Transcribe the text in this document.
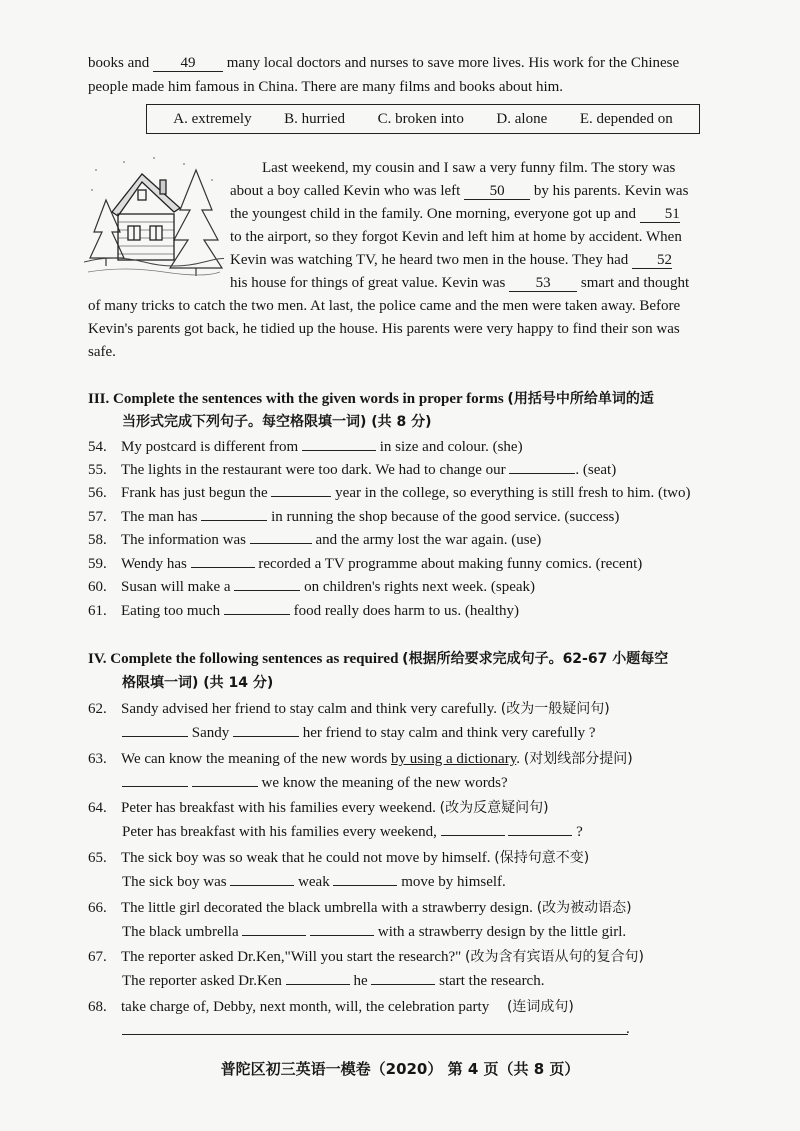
books and 49 many local doctors and nurses to save more lives. His work for the Chinese
people made him famous in China. There are many films and books about him.
A. extremely B. hurried C. broken into D. alone E. depended on
Last weekend, my cousin and I saw a very funny film. The story was
about a boy called Kevin who was left 50 by his parents. Kevin was
the youngest child in the family. One morning, everyone got up and 51
to the airport, so they forgot Kevin and left him at home by accident. When
Kevin was watching TV, he heard two men in the house. They had 52
his house for things of great value. Kevin was 53 smart and thought
of many tricks to catch the two men. At last, the police came and the men were taken away. Before
Kevin's parents got back, he tidied up the house. His parents were very happy to find their son was
safe.
III. Complete the sentences with the given words in proper forms (用括号中所给单词的适
当形式完成下列句子。每空格限填一词) (共 8 分)
54. My postcard is different from	in size and colour. (she)
55. The lights in the restaurant were too dark. We had to change our	. (seat)
56. Frank has just begun the	year in the college, so everything is still fresh to him. (two)
57. The man has	in running the shop because of the good service. (success)
58. The information was	and the army lost the war again. (use)
59. Wendy has	recorded a TV programme about making funny comics. (recent)
60. Susan will make a	on children's rights next week. (speak)
61. Eating too much	food really does harm to us. (healthy)
IV. Complete the following sentences as required (根据所给要求完成句子。62-67 小题每空
格限填一词) (共 14 分)
62. Sandy advised her friend to stay calm and think very carefully. (改为一般疑问句)
Sandy	her friend to stay calm and think very carefully ?
63. We can know the meaning of the new words by using a dictionary. (对划线部分提问)
we know the meaning of the new words?
64. Peter has breakfast with his families every weekend. (改为反意疑问句)
Peter has breakfast with his families every weekend,	?
65. The sick boy was so weak that he could not move by himself. (保持句意不变)
The sick boy was	weak	move by himself.
66. The little girl decorated the black umbrella with a strawberry design. (改为被动语态)
The black umbrella	with a strawberry design by the little girl.
67. The reporter asked Dr.Ken,"Will you start the research?" (改为含有宾语从句的复合句)
The reporter asked Dr.Ken	he	start the research.
68. take charge of, Debby, next month, will, the celebration party (连词成句)
.
普陀区初三英语一模卷（2020） 第 4 页（共 8 页）
